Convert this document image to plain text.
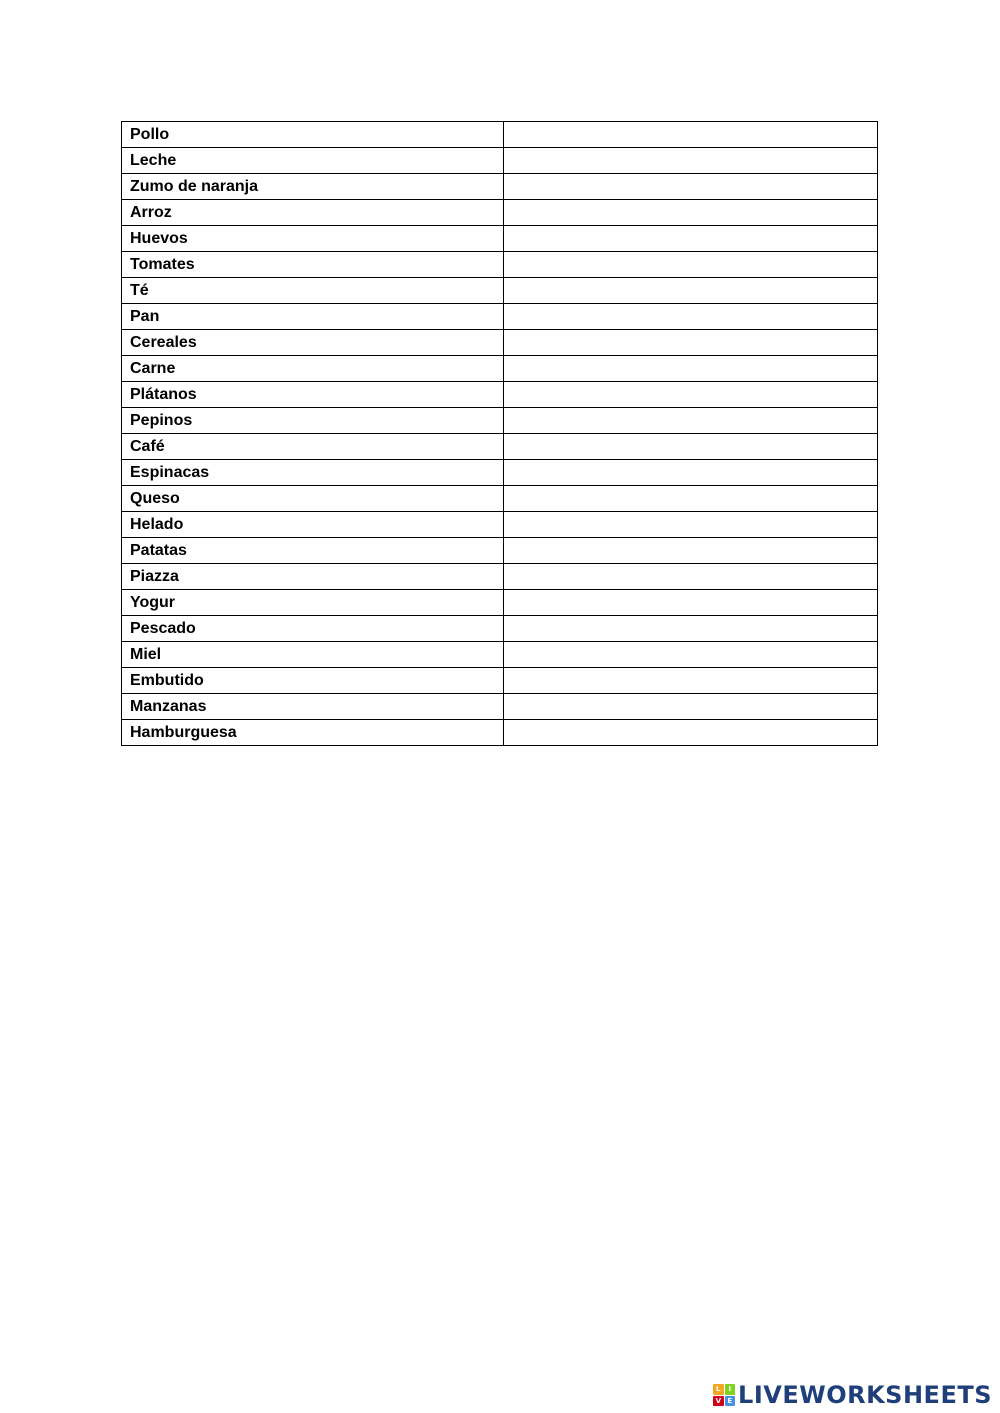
Pollo	
Leche	
Zumo de naranja	
Arroz	
Huevos	
Tomates	
Té	
Pan	
Cereales	
Carne	
Plátanos	
Pepinos	
Café	
Espinacas	
Queso	
Helado	
Patatas	
Piazza	
Yogur	
Pescado	
Miel	
Embutido	
Manzanas	
Hamburguesa	
L	I
V E LIVEWORKSHEETS
